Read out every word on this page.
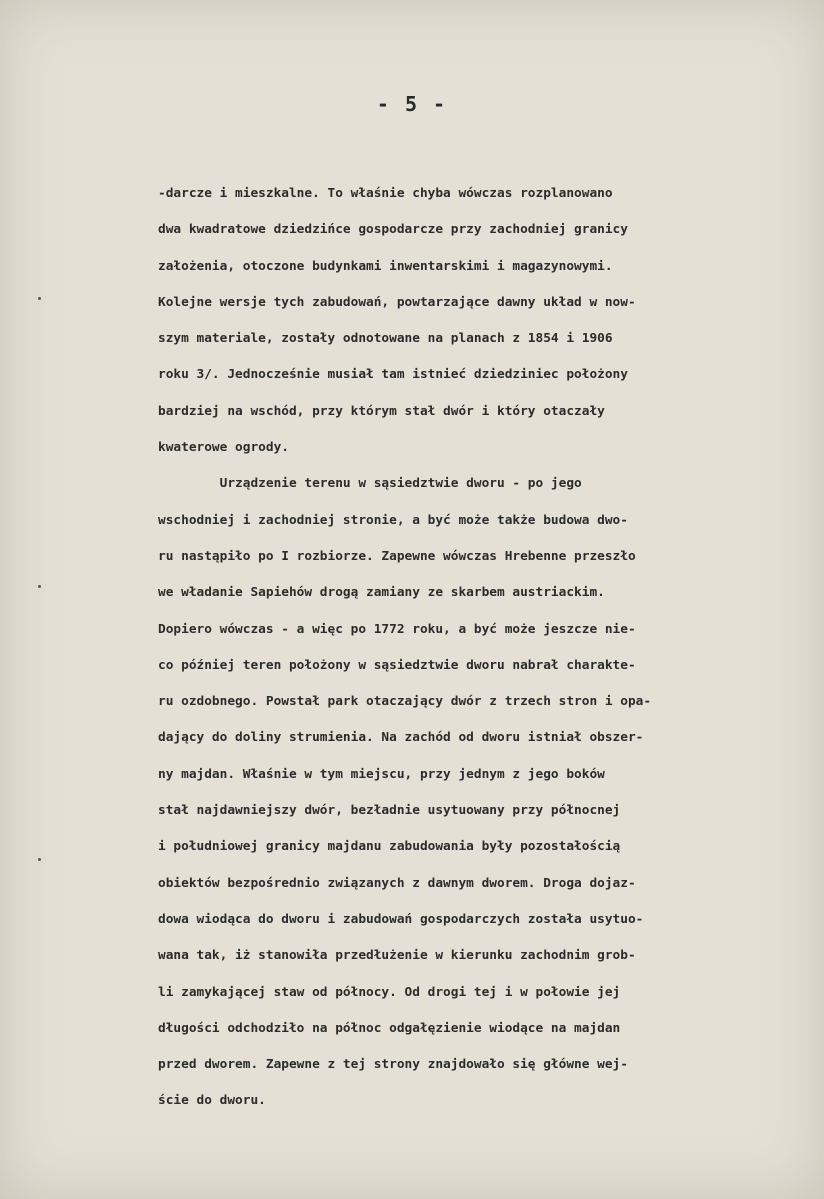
- 5 -
-darcze i mieszkalne. To właśnie chyba wówczas rozplanowano
dwa kwadratowe dziedzińce gospodarcze przy zachodniej granicy
założenia, otoczone budynkami inwentarskimi i magazynowymi.
Kolejne wersje tych zabudowań, powtarzające dawny układ w now-
szym materiale, zostały odnotowane na planach z 1854 i 1906
roku 3/. Jednocześnie musiał tam istnieć dziedziniec położony
bardziej na wschód, przy którym stał dwór i który otaczały
kwaterowe ogrody.
Urządzenie terenu w sąsiedztwie dworu - po jego
wschodniej i zachodniej stronie, a być może także budowa dwo-
ru nastąpiło po I rozbiorze. Zapewne wówczas Hrebenne przeszło
we władanie Sapiehów drogą zamiany ze skarbem austriackim.
Dopiero wówczas - a więc po 1772 roku, a być może jeszcze nie-
co później teren położony w sąsiedztwie dworu nabrał charakte-
ru ozdobnego. Powstał park otaczający dwór z trzech stron i opa-
dający do doliny strumienia. Na zachód od dworu istniał obszer-
ny majdan. Właśnie w tym miejscu, przy jednym z jego boków
stał najdawniejszy dwór, bezładnie usytuowany przy północnej
i południowej granicy majdanu zabudowania były pozostałością
obiektów bezpośrednio związanych z dawnym dworem. Droga dojaz-
dowa wiodąca do dworu i zabudowań gospodarczych została usytuo-
wana tak, iż stanowiła przedłużenie w kierunku zachodnim grob-
li zamykającej staw od północy. Od drogi tej i w połowie jej
długości odchodziło na północ odgałęzienie wiodące na majdan
przed dworem. Zapewne z tej strony znajdowało się główne wej-
ście do dworu.
